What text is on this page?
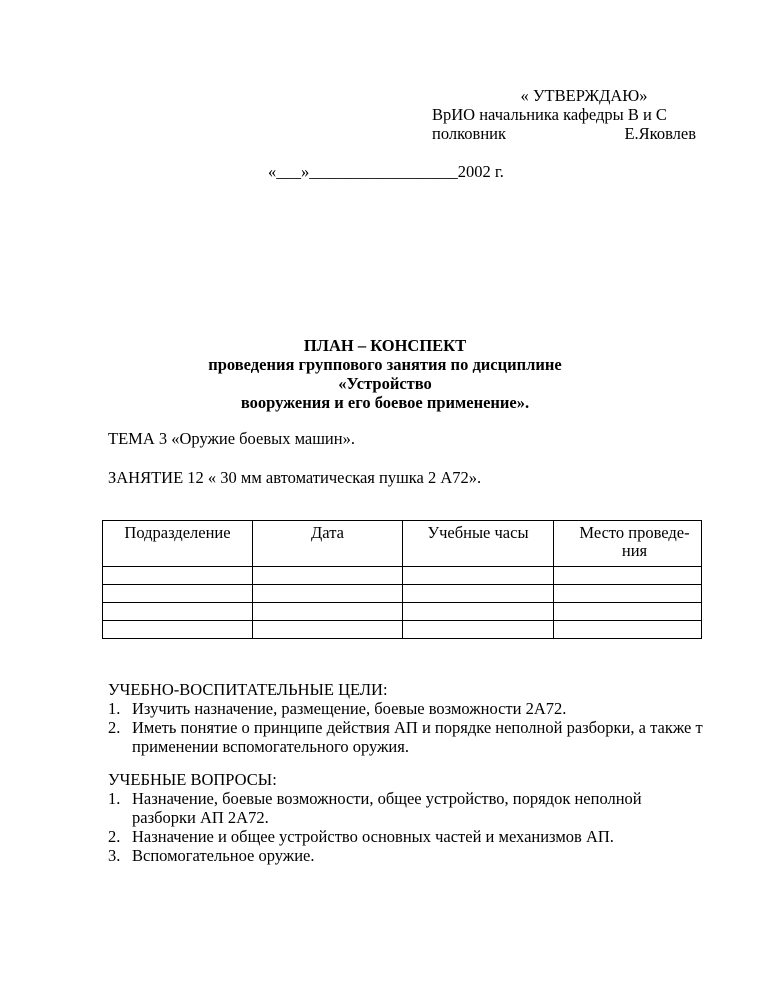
« УТВЕРЖДАЮ»
ВрИО начальника кафедры В и С
полковник	Е.Яковлев
«___»__________________2002 г.
ПЛАН – КОНСПЕКТ
проведения группового занятия по дисциплине
«Устройство
вооружения и его боевое применение».
ТЕМА 3 «Оружие боевых машин».
ЗАНЯТИЕ 12 « 30 мм автоматическая пушка 2 А72».
Подразделение	Дата	Учебные часы	Место проведе-
ния

УЧЕБНО-ВОСПИТАТЕЛЬНЫЕ ЦЕЛИ:
1. Изучить назначение, размещение, боевые возможности 2А72.
2. Иметь понятие о принципе действия АП и порядке неполной разборки, а также т применении вспомогательного оружия.
УЧЕБНЫЕ ВОПРОСЫ:
1. Назначение, боевые возможности, общее устройство, порядок неполной разборки АП 2А72.
2. Назначение и общее устройство основных частей и механизмов АП.
3. Вспомогательное оружие.
